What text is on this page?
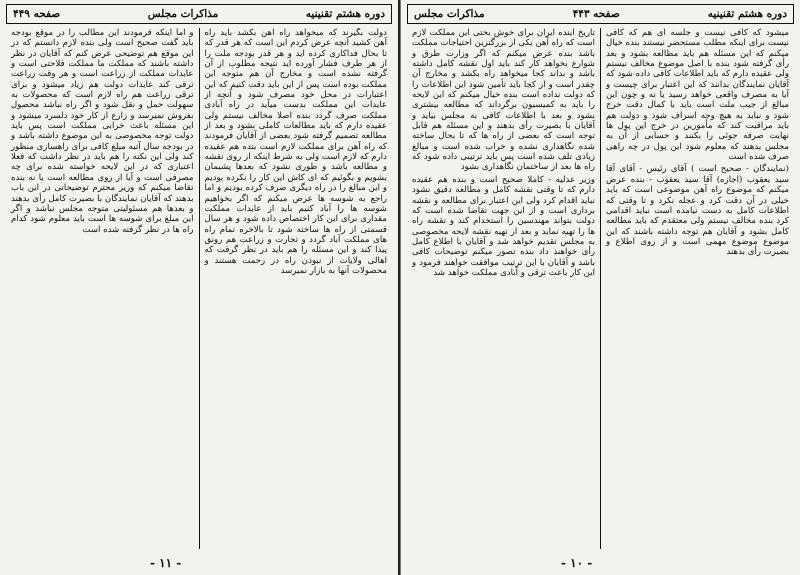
صفحه ۴۴۹	مذاکرات مجلس	دوره هشتم تقنینیه

دولت بگیرند که میخواهد راه آهن بکشد باید راه آهن کشید آنچه عرض کردم این است که هر قدر که تا بحال فداکاری کرده اید و هر قدر بودجه ملت را از هر طرف فشار آورده اید نتیجه مطلوب از آن گرفته نشده است و مخارج آن هم متوجه این مملکت بوده است پس از این باید دقت کنیم که این اعتبارات در محل خود مصرف شود و آنچه از عایدات این مملکت بدست میآید در راه آبادی مملکت صرف گردد بنده اصلا مخالف نیستم ولی عقیده دارم که باید مطالعات کاملی بشود و بعد از مطالعه تصمیم گرفته شود بعضی از آقایان فرمودند که راه آهن برای مملکت لازم است بنده هم عقیده دارم که لازم است ولی به شرط اینکه از روی نقشه و مطالعه باشد و طوری نشود که بعدها پشیمان بشویم و بگوئیم که ای کاش این کار را نکرده بودیم و این مبالغ را در راه دیگری صرف کرده بودیم و اما راجع به شوسه ها عرض میکنم که اگر بخواهیم شوسه ها را آباد کنیم باید از عایدات مملکت مقداری برای این کار اختصاص داده شود و هر سال قسمتی از راه ها ساخته شود تا بالاخره تمام راه های مملکت آباد گردد و تجارت و زراعت هم رونق پیدا کند و این مسئله را هم باید در نظر گرفت که اهالی ولایات از نبودن راه در زحمت هستند و محصولات آنها به بازار نمیرسد

و اما اینکه فرمودند این مطالب را در موقع بودجه باید گفت صحیح است ولی بنده لازم دانستم که در این موقع هم توضیحی عرض کنم که آقایان در نظر داشته باشند که مملکت ما مملکت فلاحتی است و عایدات مملکت از زراعت است و هر وقت زراعت ترقی کند عایدات دولت هم زیاد میشود و برای ترقی زراعت هم راه لازم است که محصولات به سهولت حمل و نقل شود و اگر راه نباشد محصول بفروش نمیرسد و زارع از کار خود دلسرد میشود و این مسئله باعث خرابی مملکت است پس باید دولت توجه مخصوصی به این موضوع داشته باشد و در بودجه سال آتیه مبلغ کافی برای راهسازی منظور کند ولی این نکته را هم باید در نظر داشت که فعلا اعتباری که در این لایحه خواسته شده برای چه مصرفی است و آیا از روی مطالعه است یا نه بنده تقاضا میکنم که وزیر محترم توضیحاتی در این باب بدهند که آقایان نمایندگان با بصیرت کامل رأی بدهند و بعدها هم مسئولیتی متوجه مجلس نباشد و اگر این مبلغ برای شوسه ها است باید معلوم شود کدام راه ها در نظر گرفته شده است

- ۱۱ -
مذاکرات مجلس	صفحه ۴۴۳	دوره هشتم تقنینیه

میشود که کافی نیست و جلسه ای هم که کافی نیست برای اینکه مطلب مستحضر نیستند بنده خیال میکنم که این مسئله هم باید مطالعه بشود و بعد رأی گرفته شود بنده با اصل موضوع مخالف نیستم ولی عقیده دارم که باید اطلاعات کافی داده شود که آقایان نمایندگان بدانند که این اعتبار برای چیست و آیا به مصرف واقعی خواهد رسید یا نه و چون این مبالغ از جیب ملت است باید با کمال دقت خرج شود و نباید به هیچ وجه اسراف شود و دولت هم باید مراقبت کند که مأمورین در خرج این پول ها نهایت صرفه جوئی را بکنند و حسابی از آن به مجلس بدهند که معلوم شود این پول در چه راهی صرف شده است

(نمایندگان - صحیح است ) آقای رئیس - آقای آقا سید یعقوب (اجازه) آقا سید یعقوب - بنده عرض میکنم که موضوع راه آهن موضوعی است که باید خیلی در آن دقت کرد و عجله نکرد و تا وقتی که اطلاعات کامل به دست نیامده است نباید اقدامی کرد بنده مخالف نیستم ولی معتقدم که باید مطالعه کامل بشود و آقایان هم توجه داشته باشند که این موضوع موضوع مهمی است و از روی اطلاع و بصیرت رأی بدهند

تاریخ آینده ایران برای خوش بختی این مملکت لازم است که راه آهن یکی از بزرگترین احتیاجات مملکت باشد بنده عرض میکنم که اگر وزارت طرق و شوارع بخواهد کار کند باید اول نقشه کامل داشته باشد و بداند کجا میخواهد راه بکشد و مخارج آن چقدر است و از کجا باید تأمین شود این اطلاعات را که دولت نداده است بنده خیال میکنم که این لایحه را باید به کمیسیون برگرداند که مطالعه بیشتری بشود و بعد با اطلاعات کافی به مجلس بیاید و آقایان با بصیرت رأی بدهند و این مسئله هم قابل توجه است که بعضی از راه ها که تا بحال ساخته شده نگاهداری نشده و خراب شده است و مبالغ زیادی تلف شده است پس باید ترتیبی داده شود که راه ها بعد از ساختمان نگاهداری بشود

وزیر عدلیه - کاملا صحیح است و بنده هم عقیده دارم که تا وقتی نقشه کامل و مطالعه دقیق نشود نباید اقدام کرد ولی این اعتبار برای مطالعه و نقشه برداری است و از این جهت تقاضا شده است که دولت بتواند مهندسین را استخدام کند و نقشه راه ها را تهیه نماید و بعد از تهیه نقشه لایحه مخصوصی به مجلس تقدیم خواهد شد و آقایان با اطلاع کامل رأی خواهند داد بنده تصور میکنم توضیحات کافی باشد و آقایان با این ترتیب موافقت خواهند فرمود و این کار باعث ترقی و آبادی مملکت خواهد شد

- ۱۰ -
